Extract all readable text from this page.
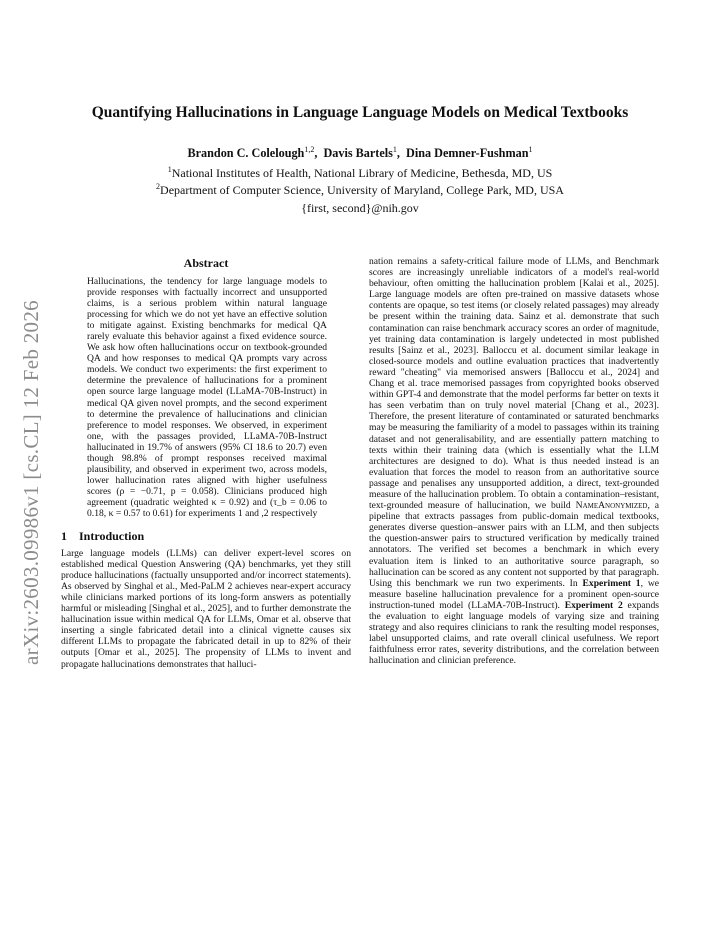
arXiv:2603.09986v1 [cs.CL] 12 Feb 2026
Quantifying Hallucinations in Language Language Models on Medical Textbooks
Brandon C. Colelough$^{1,2}$, Davis Bartels$^1$, Dina Demner-Fushman$^1$
$^1$National Institutes of Health, National Library of Medicine, Bethesda, MD, US
$^2$Department of Computer Science, University of Maryland, College Park, MD, USA
{first, second}@nih.gov
Abstract

Hallucinations, the tendency for large language models to provide responses with factually incorrect and unsupported claims, is a serious problem within natural language processing for which we do not yet have an effective solution to mitigate against. Existing benchmarks for medical QA rarely evaluate this behavior against a fixed evidence source. We ask how often hallucinations occur on textbook-grounded QA and how responses to medical QA prompts vary across models. We conduct two experiments: the first experiment to determine the prevalence of hallucinations for a prominent open source large language model (LLaMA-70B-Instruct) in medical QA given novel prompts, and the second experiment to determine the prevalence of hallucinations and clinician preference to model responses. We observed, in experiment one, with the passages provided, LLaMA-70B-Instruct hallucinated in 19.7% of answers (95% CI 18.6 to 20.7) even though 98.8% of prompt responses received maximal plausibility, and observed in experiment two, across models, lower hallucination rates aligned with higher usefulness scores (ρ = −0.71, p = 0.058). Clinicians produced high agreement (quadratic weighted κ = 0.92) and (τ_b = 0.06 to 0.18, κ = 0.57 to 0.61) for experiments 1 and ,2 respectively

1 Introduction

Large language models (LLMs) can deliver expert-level scores on established medical Question Answering (QA) benchmarks, yet they still produce hallucinations (factually unsupported and/or incorrect statements). As observed by Singhal et al., Med-PaLM 2 achieves near-expert accuracy while clinicians marked portions of its long-form answers as potentially harmful or misleading [Singhal et al., 2025], and to further demonstrate the hallucination issue within medical QA for LLMs, Omar et al. observe that inserting a single fabricated detail into a clinical vignette causes six different LLMs to propagate the fabricated detail in up to 82% of their outputs [Omar et al., 2025]. The propensity of LLMs to invent and propagate hallucinations demonstrates that halluci-

nation remains a safety-critical failure mode of LLMs, and Benchmark scores are increasingly unreliable indicators of a model's real-world behaviour, often omitting the hallucination problem [Kalai et al., 2025]. Large language models are often pre-trained on massive datasets whose contents are opaque, so test items (or closely related passages) may already be present within the training data. Sainz et al. demonstrate that such contamination can raise benchmark accuracy scores an order of magnitude, yet training data contamination is largely undetected in most published results [Sainz et al., 2023]. Balloccu et al. document similar leakage in closed-source models and outline evaluation practices that inadvertently reward "cheating" via memorised answers [Balloccu et al., 2024] and Chang et al. trace memorised passages from copyrighted books observed within GPT-4 and demonstrate that the model performs far better on texts it has seen verbatim than on truly novel material [Chang et al., 2023]. Therefore, the present literature of contaminated or saturated benchmarks may be measuring the familiarity of a model to passages within its training dataset and not generalisability, and are essentially pattern matching to texts within their training data (which is essentially what the LLM architectures are designed to do). What is thus needed instead is an evaluation that forces the model to reason from an authoritative source passage and penalises any unsupported addition, a direct, text-grounded measure of the hallucination problem. To obtain a contamination–resistant, text-grounded measure of hallucination, we build NameAnonymized, a pipeline that extracts passages from public-domain medical textbooks, generates diverse question–answer pairs with an LLM, and then subjects the question-answer pairs to structured verification by medically trained annotators. The verified set becomes a benchmark in which every evaluation item is linked to an authoritative source paragraph, so hallucination can be scored as any content not supported by that paragraph. Using this benchmark we run two experiments. In Experiment 1, we measure baseline hallucination prevalence for a prominent open-source instruction-tuned model (LLaMA-70B-Instruct). Experiment 2 expands the evaluation to eight language models of varying size and training strategy and also requires clinicians to rank the resulting model responses, label unsupported claims, and rate overall clinical usefulness. We report faithfulness error rates, severity distributions, and the correlation between hallucination and clinician preference.
